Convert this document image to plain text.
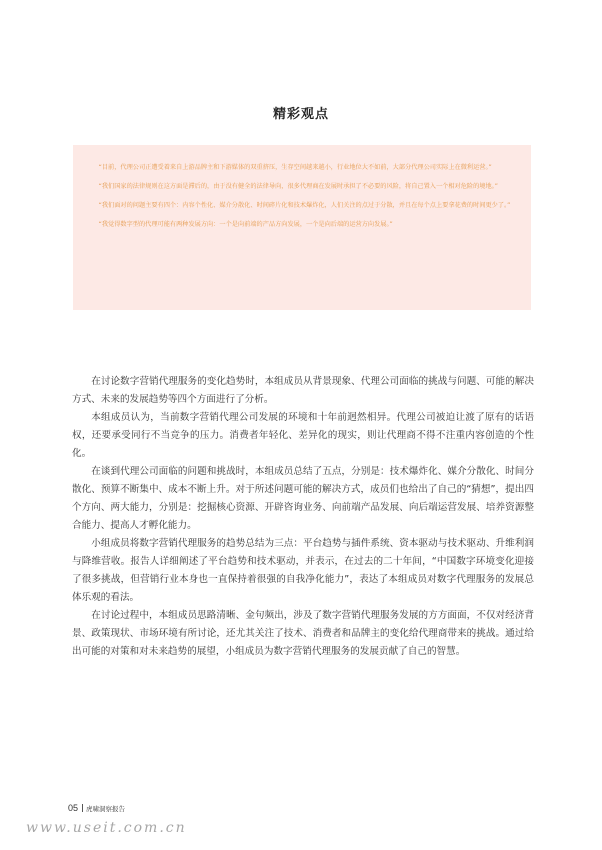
精彩观点

“目前，代理公司正遭受着来自上游品牌主和下游媒体的双重挤压，生存空间越来越小，行业地位大不如前，大部分代理公司实际上在微利运营。”

“我们国家的法律规则在这方面是滞后的，由于没有健全的法律导向，很多代理商在发展时承担了不必要的风险，将自己置入一个相对危险的境地。”

“我们面对的问题主要有四个：内容个性化、媒介分散化、时间碎片化和技术爆炸化，人们关注的点过于分散，并且在每个点上要拿花费的时间更少了。”

“我觉得数字型的代理可能有两种发展方向：一个是向前端的产品方向发展，一个是向后端的运营方向发展。”

在讨论数字营销代理服务的变化趋势时，本组成员从背景现象、代理公司面临的挑战与问题、可能的解决方式、未来的发展趋势等四个方面进行了分析。

本组成员认为，当前数字营销代理公司发展的环境和十年前迥然相异。代理公司被迫让渡了原有的话语权，还要承受同行不当竞争的压力。消费者年轻化、差异化的现实，则让代理商不得不注重内容创造的个性化。

在谈到代理公司面临的问题和挑战时，本组成员总结了五点，分别是：技术爆炸化、媒介分散化、时间分散化、预算不断集中、成本不断上升。对于所述问题可能的解决方式，成员们也给出了自己的“猜想”，提出四个方向、两大能力，分别是：挖掘核心资源、开辟咨询业务、向前端产品发展、向后端运营发展、培养资源整合能力、提高人才孵化能力。

小组成员将数字营销代理服务的趋势总结为三点：平台趋势与插件系统、资本驱动与技术驱动、升维利润与降维营收。报告人详细阐述了平台趋势和技术驱动，并表示，在过去的二十年间，“中国数字环境变化迎接了很多挑战，但营销行业本身也一直保持着很强的自我净化能力”，表达了本组成员对数字代理服务的发展总体乐观的看法。

在讨论过程中，本组成员思路清晰、金句频出，涉及了数字营销代理服务发展的方方面面，不仅对经济背景、政策现状、市场环境有所讨论，还尤其关注了技术、消费者和品牌主的变化给代理商带来的挑战。通过给出可能的对策和对未来趋势的展望，小组成员为数字营销代理服务的发展贡献了自己的智慧。

05 虎啸洞察报告
www.useit.com.cn
